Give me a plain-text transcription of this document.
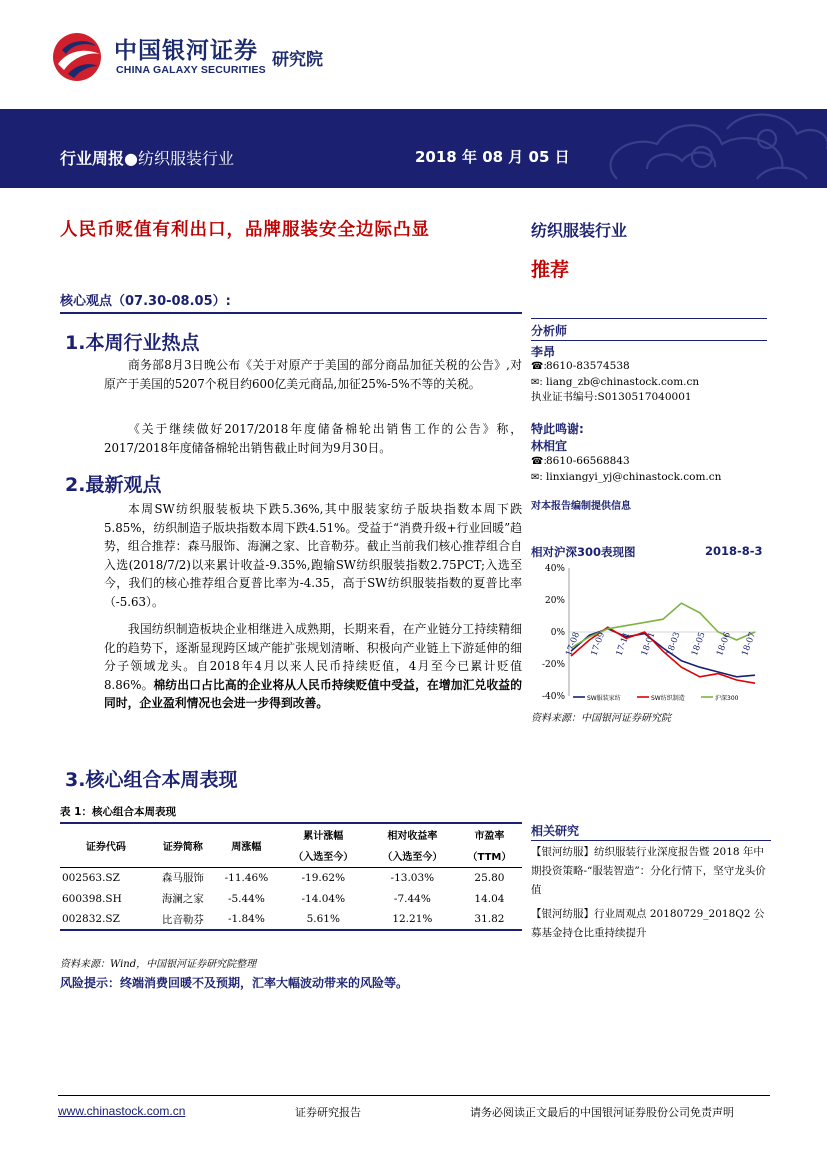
中国银河证券
CHINA GALAXY SECURITIES 研究院
行业周报●纺织服装行业	2018 年 08 月 05 日
人民币贬值有利出口，品牌服装安全边际凸显	纺织服装行业
推荐
核心观点（07.30-08.05）:
1.本周行业热点
商务部8月3日晚公布《关于对原产于美国的部分商品加征关税的公告》,对原产于美国的5207个税目约600亿美元商品,加征25%-5%不等的关税。
《关于继续做好2017/2018年度储备棉轮出销售工作的公告》称，2017/2018年度储备棉轮出销售截止时间为9月30日。
2.最新观点
本周SW纺织服装板块下跌5.36%,其中服装家纺子版块指数本周下跌5.85%，纺织制造子版块指数本周下跌4.51%。受益于“消费升级+行业回暖”趋势，组合推荐：森马服饰、海澜之家、比音勒芬。截止当前我们核心推荐组合自入选(2018/7/2)以来累计收益-9.35%,跑输SW纺织服装指数2.75PCT;入选至今，我们的核心推荐组合夏普比率为-4.35，高于SW纺织服装指数的夏普比率（-5.63）。
我国纺织制造板块企业相继进入成熟期，长期来看，在产业链分工持续精细化的趋势下，逐渐显现跨区域产能扩张规划清晰、积极向产业链上下游延伸的细分子领域龙头。自2018年4月以来人民币持续贬值，4月至今已累计贬值8.86%。棉纺出口占比高的企业将从人民币持续贬值中受益，在增加汇兑收益的同时，企业盈利情况也会进一步得到改善。
3.核心组合本周表现
分析师
李昂
☎:8610-83574538
✉: liang_zb@chinastock.com.cn
执业证书编号:S0130517040001
特此鸣谢:
林相宜
☎:8610-66568843
✉: linxiangyi_yj@chinastock.com.cn
对本报告编制提供信息
相对沪深300表现图	2018-8-3
40%
20%
0%
-20%
-40%
17-08 17-09 17-11 18-01 18-03 18-05 18-06 18-07
SW服装家纺	SW纺织制造	沪深300
资料来源：中国银河证券研究院
表 1：核心组合本周表现
证券代码	证券简称	周涨幅	累计涨幅	相对收益率	市盈率
			（入选至今）	（入选至今）	（TTM）
002563.SZ	森马服饰	-11.46%	-19.62%	-13.03%	25.80
600398.SH	海澜之家	-5.44%	-14.04%	-7.44%	14.04
002832.SZ	比音勒芬	-1.84%	5.61%	12.21%	31.82
资料来源：Wind，中国银河证券研究院整理
风险提示：终端消费回暖不及预期，汇率大幅波动带来的风险等。
相关研究
【银河纺服】纺织服装行业深度报告暨 2018 年中期投资策略-“服装智造”：分化行情下，坚守龙头价值
【银河纺服】行业周观点 20180729_2018Q2 公募基金持仓比重持续提升
www.chinastock.com.cn	证券研究报告	请务必阅读正文最后的中国银河证券股份公司免责声明
